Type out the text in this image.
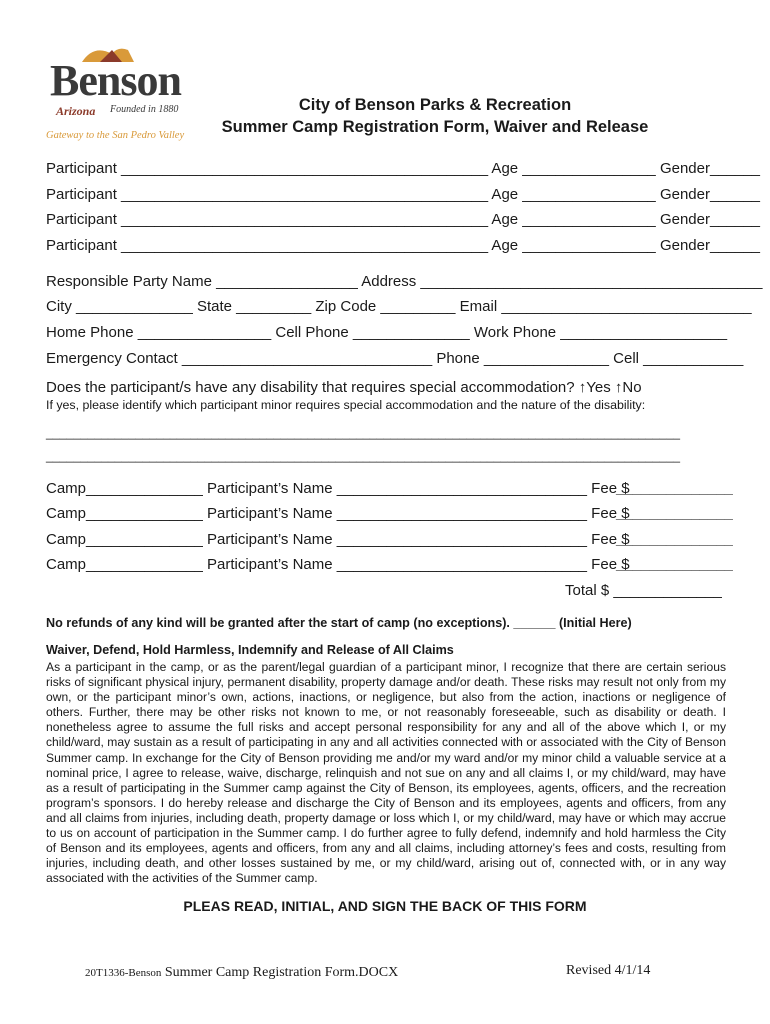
Benson
Arizona Founded in 1880
Gateway to the San Pedro Valley
City of Benson Parks & Recreation
Summer Camp Registration Form, Waiver and Release
Participant ____________________________________________ Age ________________ Gender______
Participant ____________________________________________ Age ________________ Gender______
Participant ____________________________________________ Age ________________ Gender______
Participant ____________________________________________ Age ________________ Gender______
Responsible Party Name _________________ Address _________________________________________
City ______________ State _________ Zip Code _________ Email ______________________________
Home Phone ________________ Cell Phone ______________ Work Phone ____________________
Emergency Contact ______________________________ Phone _______________ Cell ____________
Does the participant/s have any disability that requires special accommodation? ↑Yes ↑No
If yes, please identify which participant minor requires special accommodation and the nature of the disability:
____________________________________________________________________________________________
____________________________________________________________________________________________
Camp______________ Participant’s Name ______________________________ Fee $
______________
Camp______________ Participant’s Name ______________________________ Fee $
______________
Camp______________ Participant’s Name ______________________________ Fee $
______________
Camp______________ Participant’s Name ______________________________ Fee $
______________
Total $ _____________
No refunds of any kind will be granted after the start of camp (no exceptions). ______ (Initial Here)
Waiver, Defend, Hold Harmless, Indemnify and Release of All Claims
As a participant in the camp, or as the parent/legal guardian of a participant minor, I recognize that there are certain serious risks of significant physical injury, permanent disability, property damage and/or death. These risks may result not only from my own, or the participant minor’s own, actions, inactions, or negligence, but also from the action, inactions or negligence of others. Further, there may be other risks not known to me, or not reasonably foreseeable, such as disability or death. I nonetheless agree to assume the full risks and accept personal responsibility for any and all of the above which I, or my child/ward, may sustain as a result of participating in any and all activities connected with or associated with the City of Benson Summer camp. In exchange for the City of Benson providing me and/or my ward and/or my minor child a valuable service at a nominal price, I agree to release, waive, discharge, relinquish and not sue on any and all claims I, or my child/ward, may have as a result of participating in the Summer camp against the City of Benson, its employees, agents, officers, and the recreation program’s sponsors. I do hereby release and discharge the City of Benson and its employees, agents and officers, from any and all claims from injuries, including death, property damage or loss which I, or my child/ward, may have or which may accrue to us on account of participation in the Summer camp. I do further agree to fully defend, indemnify and hold harmless the City of Benson and its employees, agents and officers, from any and all claims, including attorney’s fees and costs, resulting from injuries, including death, and other losses sustained by me, or my child/ward, arising out of, connected with, or in any way associated with the activities of the Summer camp.
PLEAS READ, INITIAL, AND SIGN THE BACK OF THIS FORM
20T1336-Benson Summer Camp Registration Form.DOCX	Revised 4/1/14
